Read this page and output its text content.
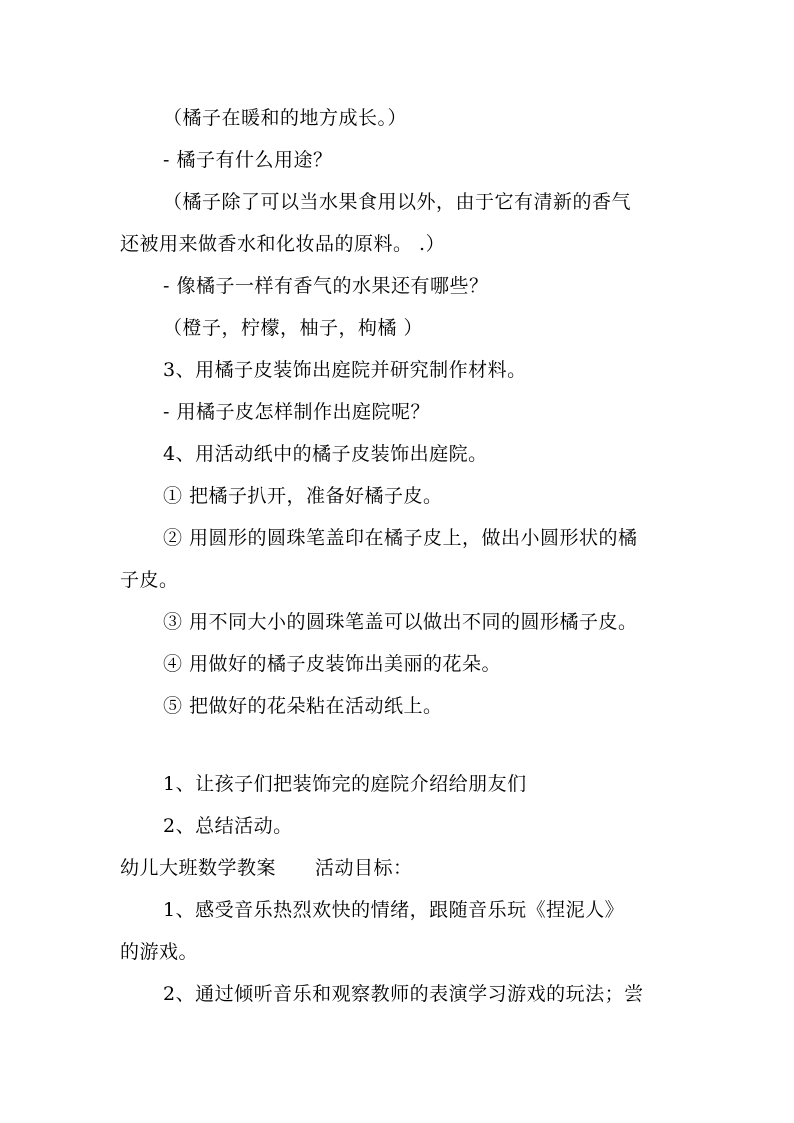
（橘子在暖和的地方成长。）
- 橘子有什么用途？
（橘子除了可以当水果食用以外，由于它有清新的香气
还被用来做香水和化妆品的原料。 .）
- 像橘子一样有香气的水果还有哪些？
（橙子，柠檬，柚子，枸橘 ）
3、用橘子皮装饰出庭院并研究制作材料。
- 用橘子皮怎样制作出庭院呢？
4、用活动纸中的橘子皮装饰出庭院。
① 把橘子扒开，准备好橘子皮。
② 用圆形的圆珠笔盖印在橘子皮上，做出小圆形状的橘
子皮。
③ 用不同大小的圆珠笔盖可以做出不同的圆形橘子皮。
④ 用做好的橘子皮装饰出美丽的花朵。
⑤ 把做好的花朵粘在活动纸上。
1、让孩子们把装饰完的庭院介绍给朋友们
2、总结活动。
幼儿大班数学教案　　活动目标：
1、感受音乐热烈欢快的情绪，跟随音乐玩《捏泥人》
的游戏。
2、通过倾听音乐和观察教师的表演学习游戏的玩法；尝
